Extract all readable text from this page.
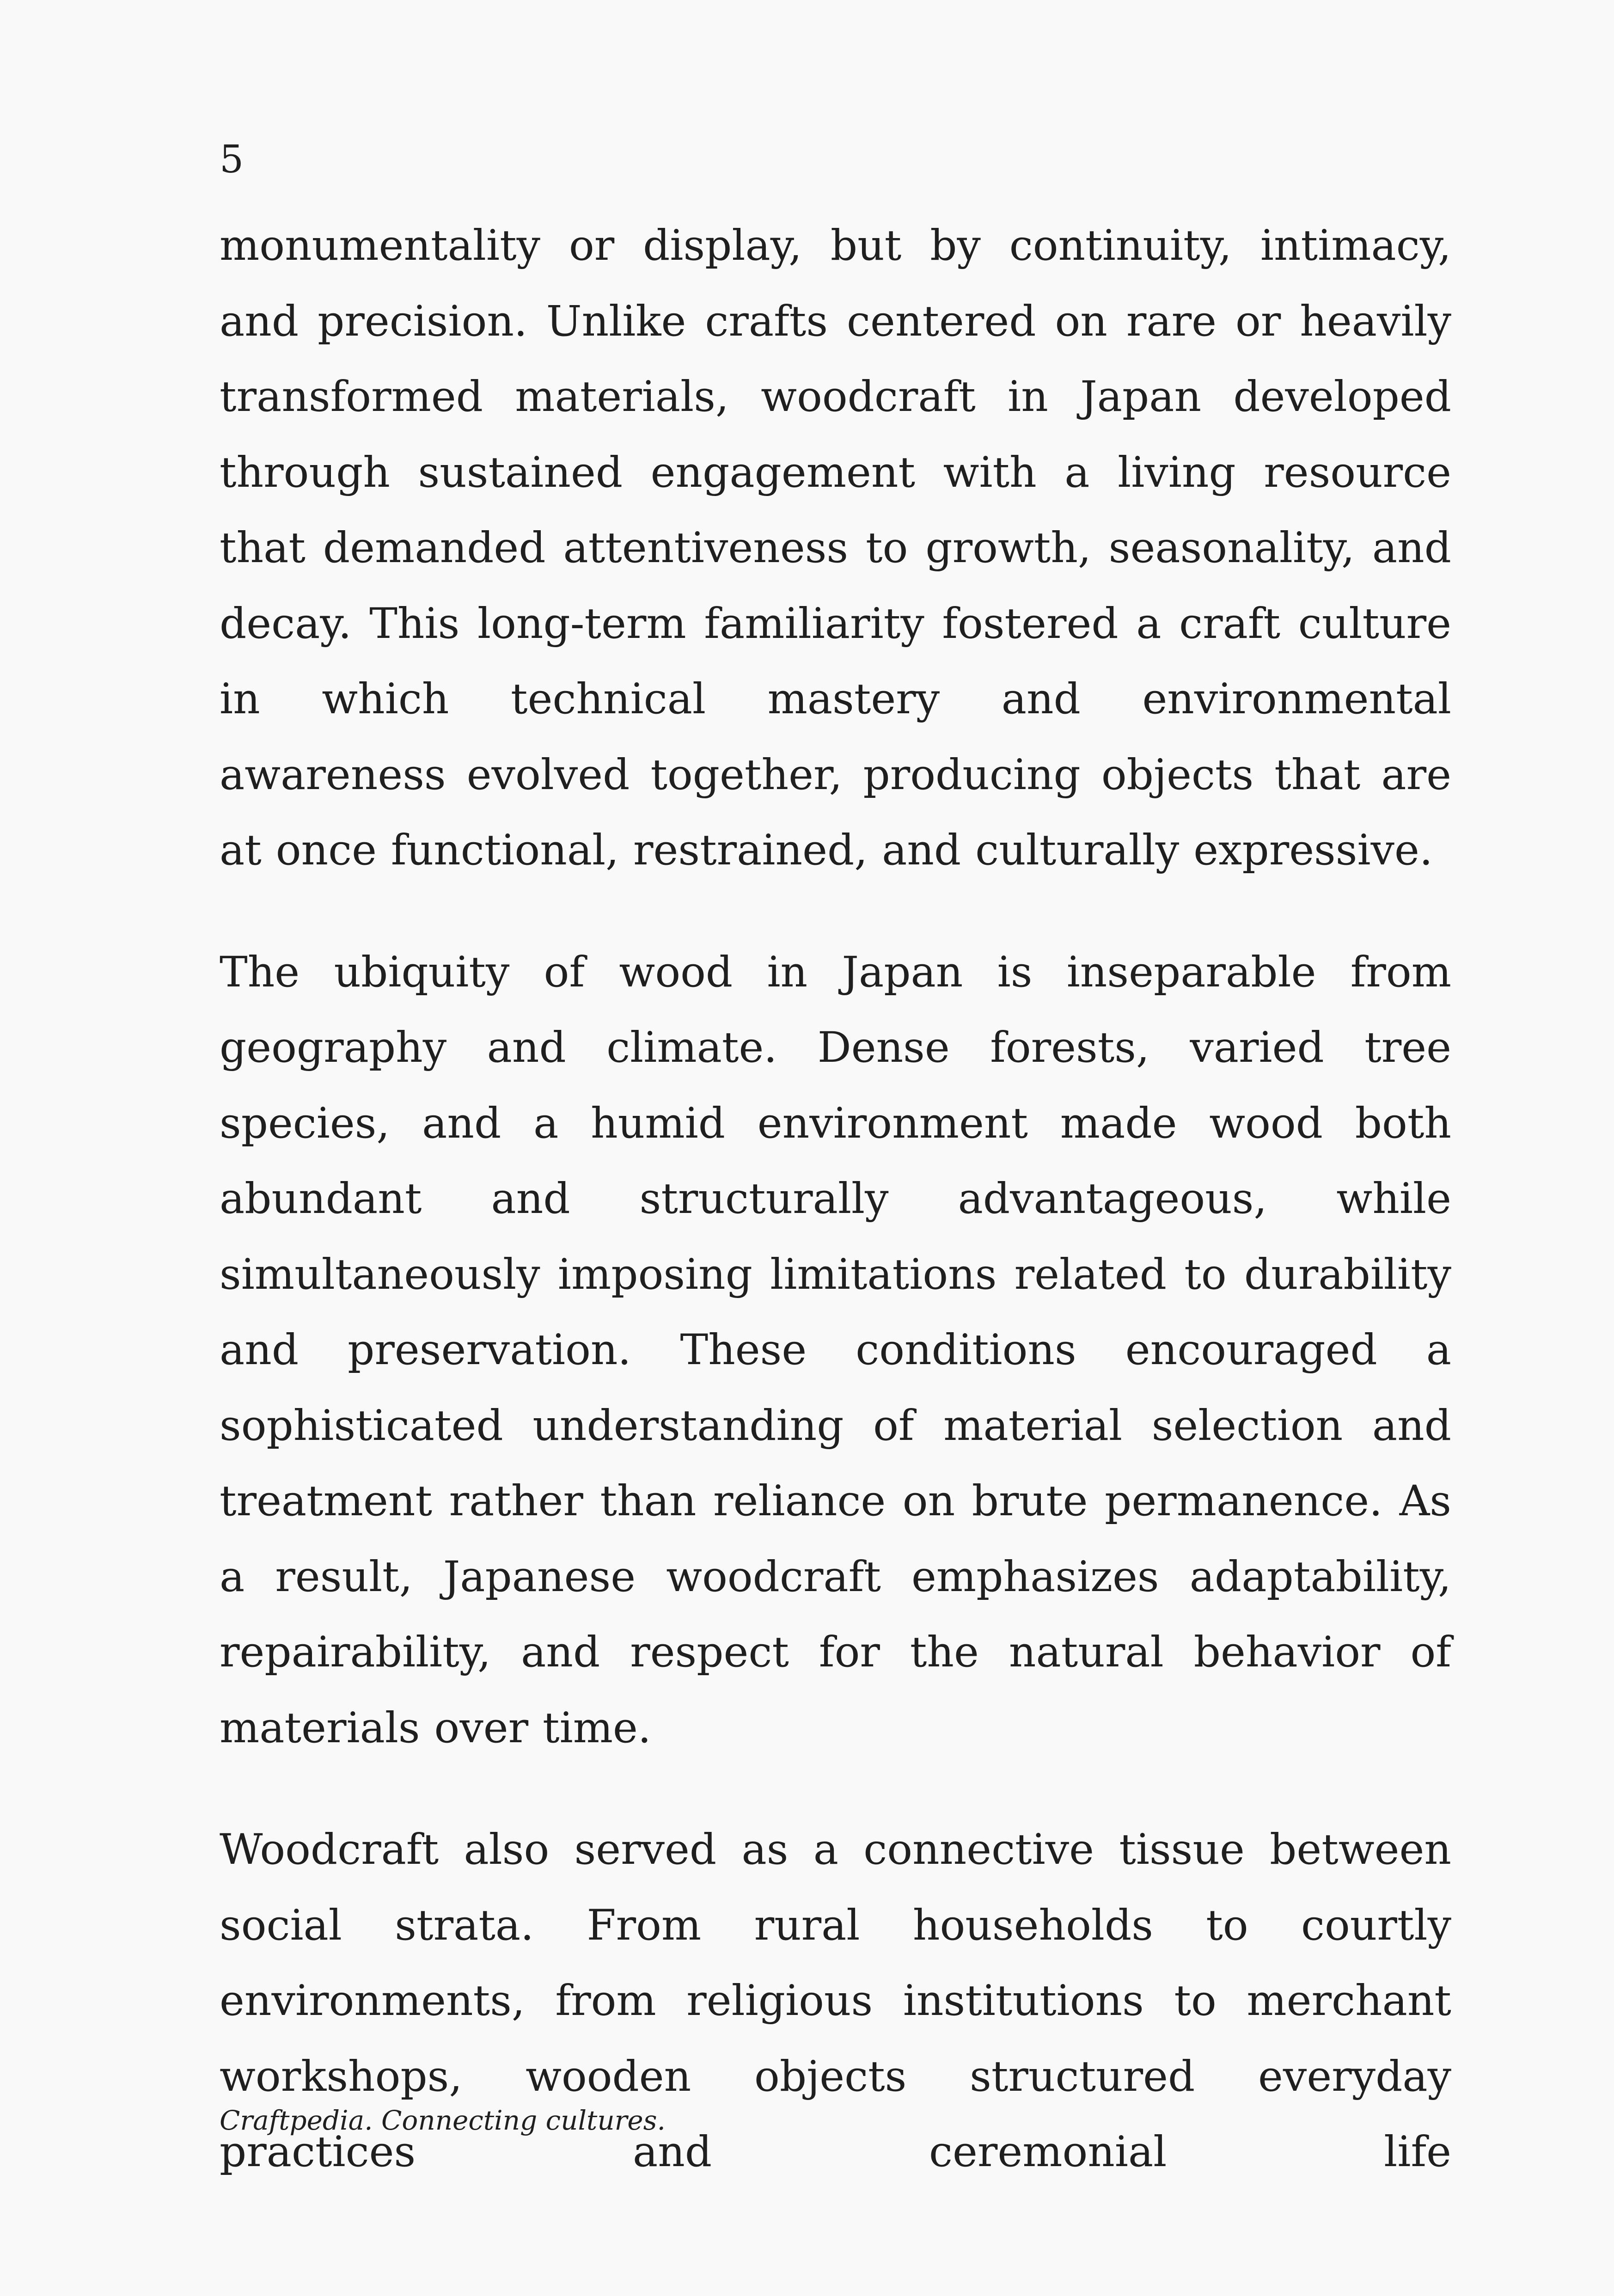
5

monumentality or display, but by continuity, intimacy, and precision. Unlike crafts centered on rare or heavily transformed materials, woodcraft in Japan developed through sustained engagement with a living resource that demanded attentiveness to growth, seasonality, and decay. This long-term familiarity fostered a craft culture in which technical mastery and environmental awareness evolved together, producing objects that are at once functional, restrained, and culturally expressive.

The ubiquity of wood in Japan is inseparable from geography and climate. Dense forests, varied tree species, and a humid environment made wood both abundant and structurally advantageous, while simultaneously imposing limitations related to durability and preservation. These conditions encouraged a sophisticated understanding of material selection and treatment rather than reliance on brute permanence. As a result, Japanese woodcraft emphasizes adaptability, repairability, and respect for the natural behavior of materials over time.

Woodcraft also served as a connective tissue between social strata. From rural households to courtly environments, from religious institutions to merchant workshops, wooden objects structured everyday practices and ceremonial life

Craftpedia. Connecting cultures.
